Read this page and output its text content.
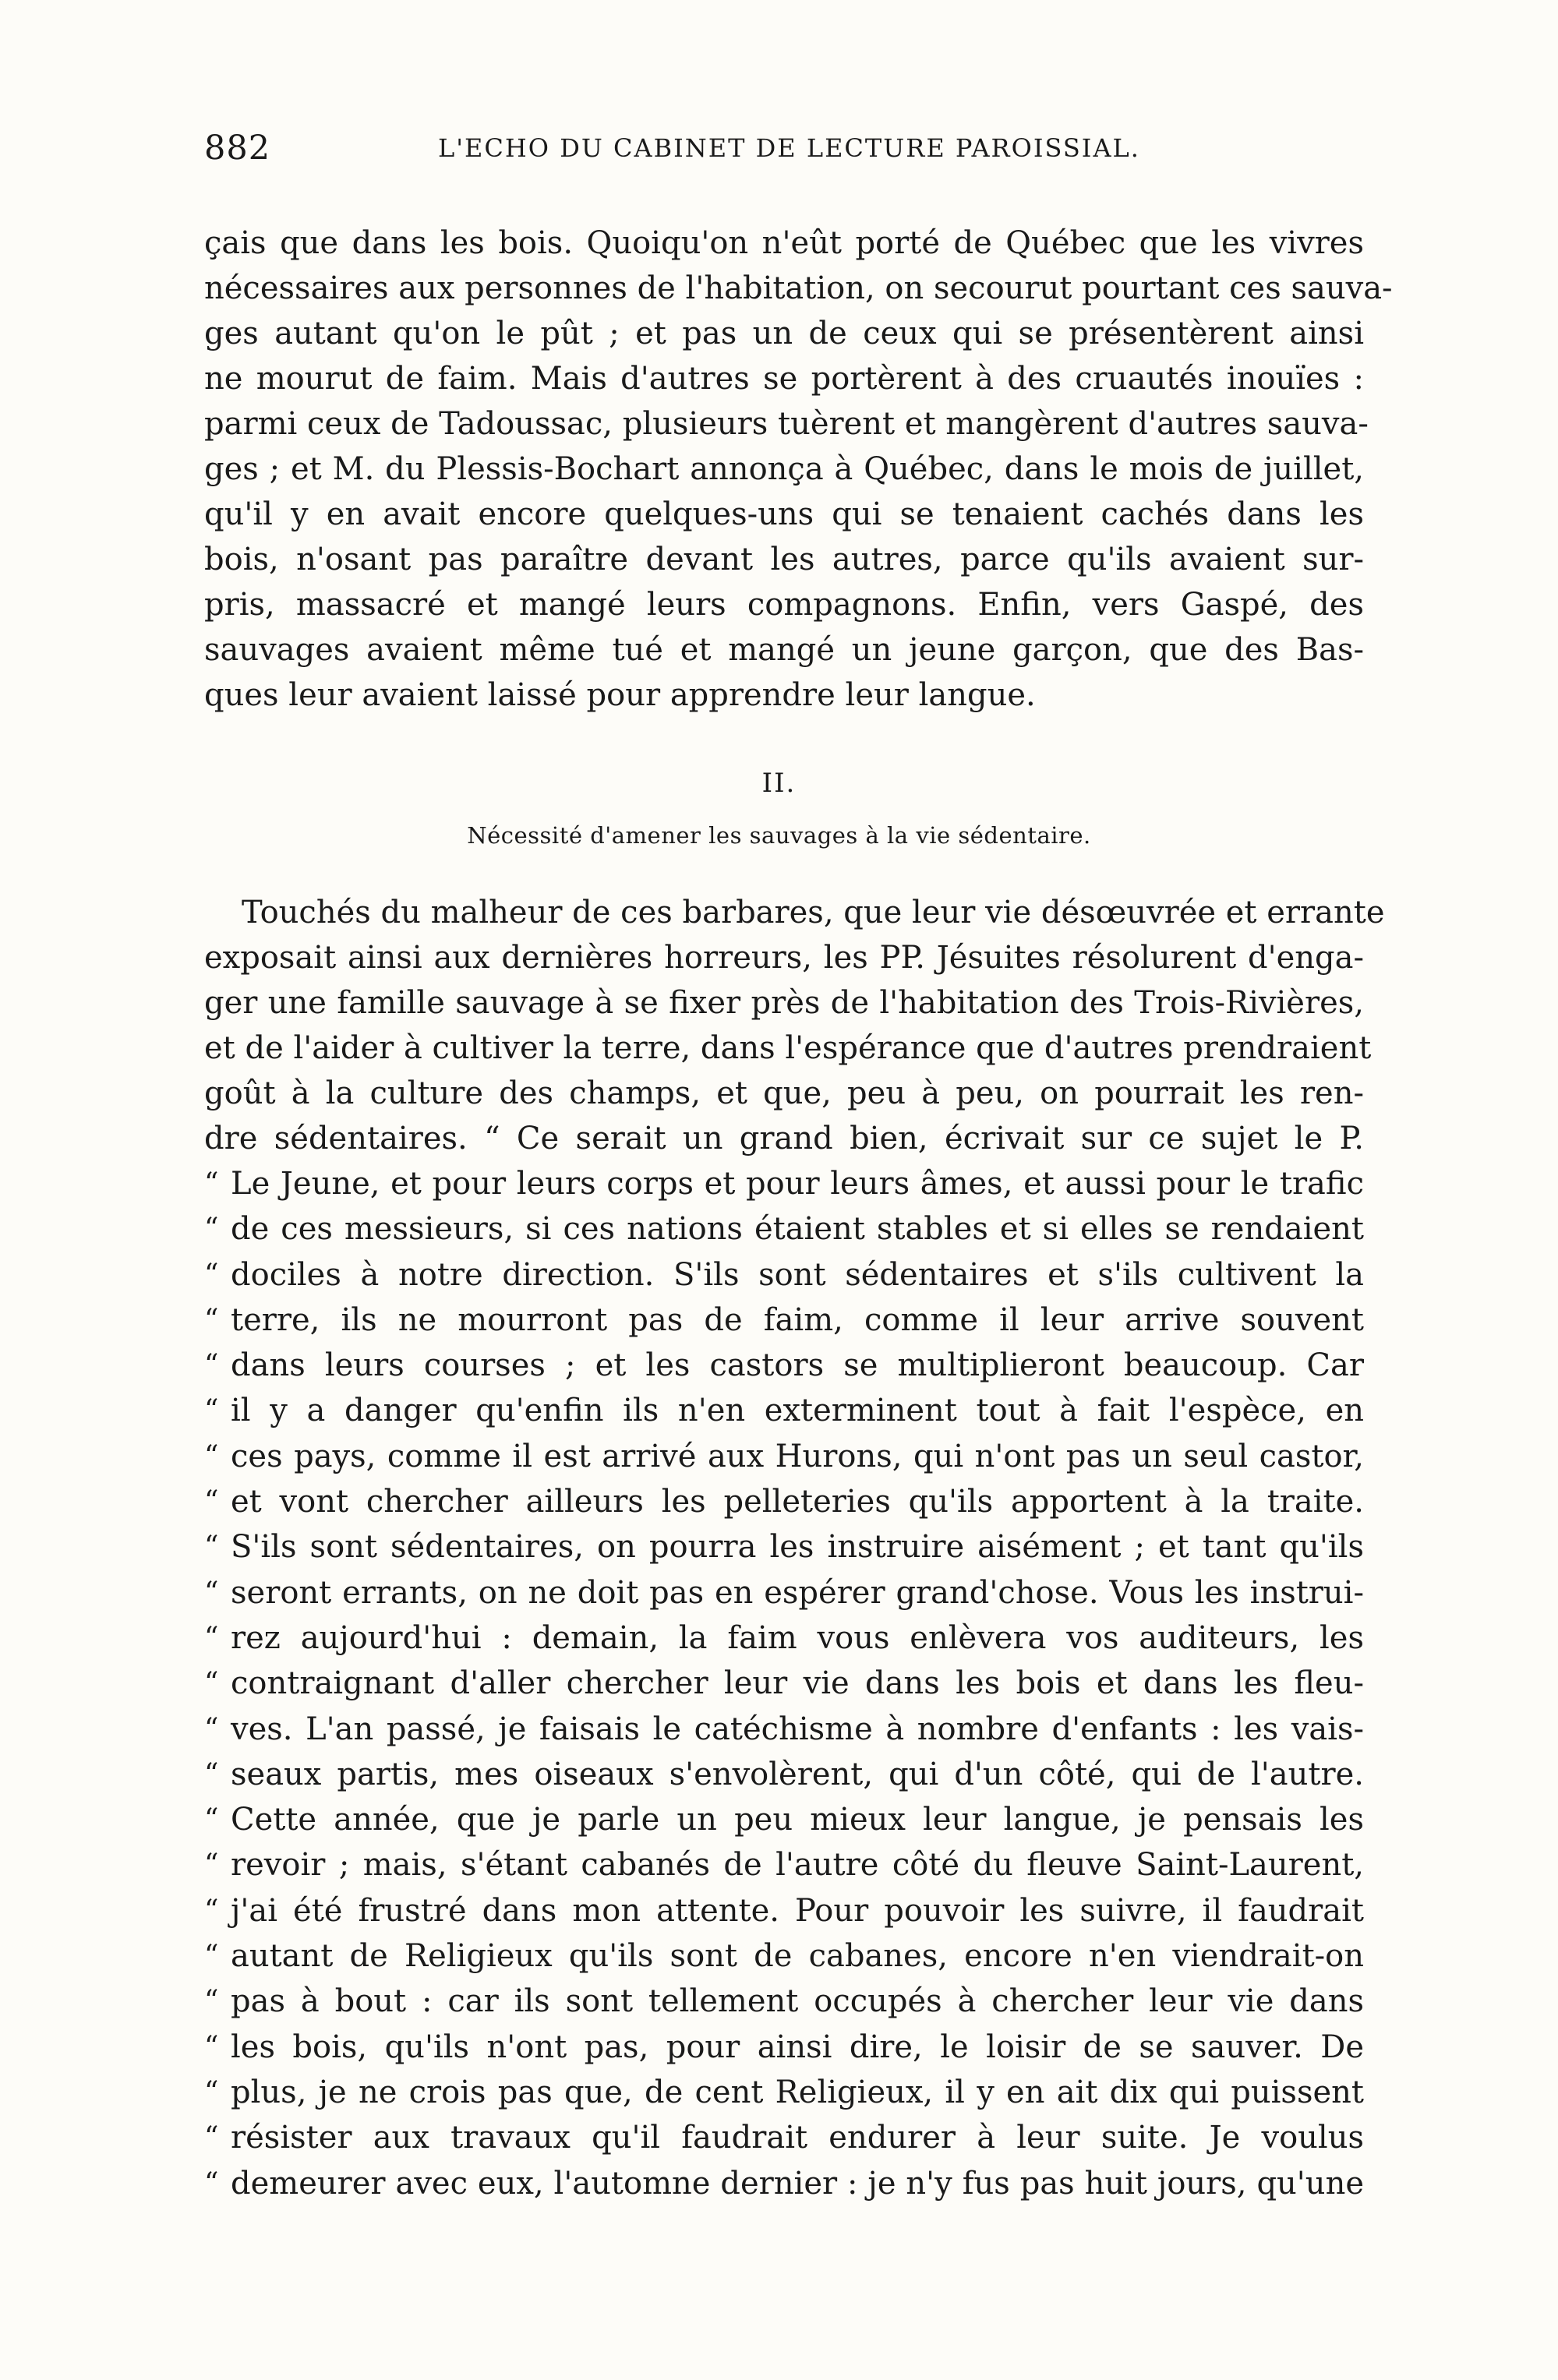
882	L'ECHO DU CABINET DE LECTURE PAROISSIAL.
çais que dans les bois. Quoiqu'on n'eût porté de Québec que les vivres
nécessaires aux personnes de l'habitation, on secourut pourtant ces sauva-
ges autant qu'on le pût ; et pas un de ceux qui se présentèrent ainsi
ne mourut de faim. Mais d'autres se portèrent à des cruautés inouïes :
parmi ceux de Tadoussac, plusieurs tuèrent et mangèrent d'autres sauva-
ges ; et M. du Plessis-Bochart annonça à Québec, dans le mois de juillet,
qu'il y en avait encore quelques-uns qui se tenaient cachés dans les
bois, n'osant pas paraître devant les autres, parce qu'ils avaient sur-
pris, massacré et mangé leurs compagnons. Enfin, vers Gaspé, des
sauvages avaient même tué et mangé un jeune garçon, que des Bas-
ques leur avaient laissé pour apprendre leur langue.
II.
Nécessité d'amener les sauvages à la vie sédentaire.
Touchés du malheur de ces barbares, que leur vie désœuvrée et errante
exposait ainsi aux dernières horreurs, les PP. Jésuites résolurent d'enga-
ger une famille sauvage à se fixer près de l'habitation des Trois-Rivières,
et de l'aider à cultiver la terre, dans l'espérance que d'autres prendraient
goût à la culture des champs, et que, peu à peu, on pourrait les ren-
dre sédentaires. “ Ce serait un grand bien, écrivait sur ce sujet le P.
“ Le Jeune, et pour leurs corps et pour leurs âmes, et aussi pour le trafic
“ de ces messieurs, si ces nations étaient stables et si elles se rendaient
“ dociles à notre direction. S'ils sont sédentaires et s'ils cultivent la
“ terre, ils ne mourront pas de faim, comme il leur arrive souvent
“ dans leurs courses ; et les castors se multiplieront beaucoup. Car
“ il y a danger qu'enfin ils n'en exterminent tout à fait l'espèce, en
“ ces pays, comme il est arrivé aux Hurons, qui n'ont pas un seul castor,
“ et vont chercher ailleurs les pelleteries qu'ils apportent à la traite.
“ S'ils sont sédentaires, on pourra les instruire aisément ; et tant qu'ils
“ seront errants, on ne doit pas en espérer grand'chose. Vous les instrui-
“ rez aujourd'hui : demain, la faim vous enlèvera vos auditeurs, les
“ contraignant d'aller chercher leur vie dans les bois et dans les fleu-
“ ves. L'an passé, je faisais le catéchisme à nombre d'enfants : les vais-
“ seaux partis, mes oiseaux s'envolèrent, qui d'un côté, qui de l'autre.
“ Cette année, que je parle un peu mieux leur langue, je pensais les
“ revoir ; mais, s'étant cabanés de l'autre côté du fleuve Saint-Laurent,
“ j'ai été frustré dans mon attente. Pour pouvoir les suivre, il faudrait
“ autant de Religieux qu'ils sont de cabanes, encore n'en viendrait-on
“ pas à bout : car ils sont tellement occupés à chercher leur vie dans
“ les bois, qu'ils n'ont pas, pour ainsi dire, le loisir de se sauver. De
“ plus, je ne crois pas que, de cent Religieux, il y en ait dix qui puissent
“ résister aux travaux qu'il faudrait endurer à leur suite. Je voulus
“ demeurer avec eux, l'automne dernier : je n'y fus pas huit jours, qu'une
